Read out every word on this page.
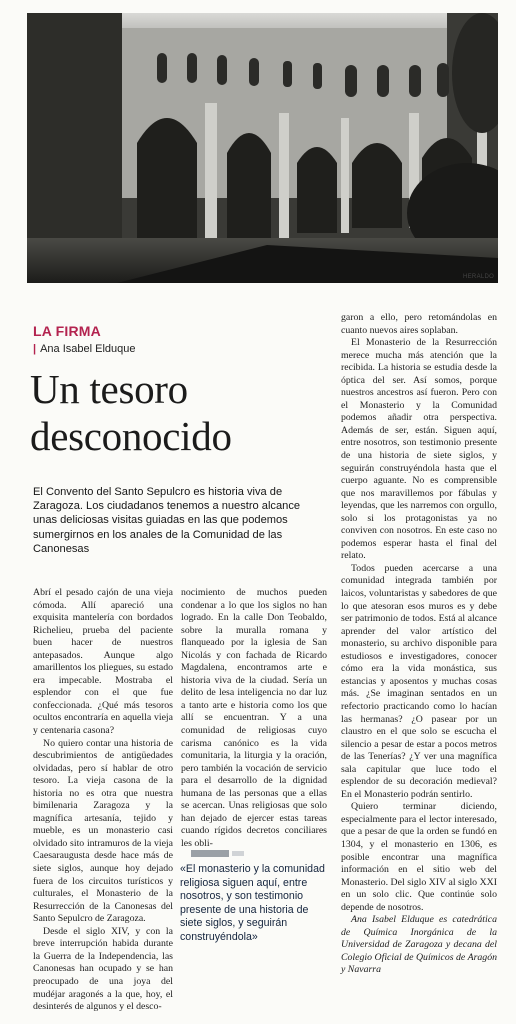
HERALDO
LA FIRMA
| Ana Isabel Elduque
Un tesoro desconocido
El Convento del Santo Sepulcro es historia viva de Zaragoza. Los ciudadanos tenemos a nuestro alcance unas deliciosas visitas guiadas en las que podemos sumergirnos en los anales de la Comunidad de las Canonesas

Abrí el pesado cajón de una vieja cómoda. Allí apareció una exquisita mantelería con bordados Richelieu, prueba del paciente buen hacer de nuestros antepasados. Aunque algo amarillentos los pliegues, su estado era impecable. Mostraba el esplendor con el que fue confeccionada. ¿Qué más tesoros ocultos encontraría en aquella vieja y centenaria casona?

No quiero contar una historia de descubrimientos de antigüedades olvidadas, pero sí hablar de otro tesoro. La vieja casona de la historia no es otra que nuestra bimilenaria Zaragoza y la magnífica artesanía, tejido y mueble, es un monasterio casi olvidado sito intramuros de la vieja Caesaraugusta desde hace más de siete siglos, aunque hoy dejado fuera de los circuitos turísticos y culturales, el Monasterio de la Resurrección de la Canonesas del Santo Sepulcro de Zaragoza.

Desde el siglo XIV, y con la breve interrupción habida durante la Guerra de la Independencia, las Canonesas han ocupado y se han preocupado de una joya del mudéjar aragonés a la que, hoy, el desinterés de algunos y el desco-

nocimiento de muchos pueden condenar a lo que los siglos no han logrado. En la calle Don Teobaldo, sobre la muralla romana y flanqueado por la iglesia de San Nicolás y con fachada de Ricardo Magdalena, encontramos arte e historia viva de la ciudad. Sería un delito de lesa inteligencia no dar luz a tanto arte e historia como los que allí se encuentran. Y a una comunidad de religiosas cuyo carisma canónico es la vida comunitaria, la liturgia y la oración, pero también la vocación de servicio para el desarrollo de la dignidad humana de las personas que a ellas se acercan. Unas religiosas que solo han dejado de ejercer estas tareas cuando rígidos decretos conciliares les obli-

«El monasterio y la comunidad religiosa siguen aquí, entre nosotros, y son testimonio presente de una historia de siete siglos, y seguirán construyéndola»

garon a ello, pero retomándolas en cuanto nuevos aires soplaban.

El Monasterio de la Resurrección merece mucha más atención que la recibida. La historia se estudia desde la óptica del ser. Así somos, porque nuestros ancestros así fueron. Pero con el Monasterio y la Comunidad podemos añadir otra perspectiva. Además de ser, están. Siguen aquí, entre nosotros, son testimonio presente de una historia de siete siglos, y seguirán construyéndola hasta que el cuerpo aguante. No es comprensible que nos maravillemos por fábulas y leyendas, que les narremos con orgullo, solo si los protagonistas ya no conviven con nosotros. En este caso no podemos esperar hasta el final del relato.

Todos pueden acercarse a una comunidad integrada también por laicos, voluntaristas y sabedores de que lo que atesoran esos muros es y debe ser patrimonio de todos. Está al alcance aprender del valor artístico del monasterio, su archivo disponible para estudiosos e investigadores, conocer cómo era la vida monástica, sus estancias y aposentos y muchas cosas más. ¿Se imaginan sentados en un refectorio practicando como lo hacían las hermanas? ¿O pasear por un claustro en el que solo se escucha el silencio a pesar de estar a pocos metros de las Tenerías? ¿Y ver una magnífica sala capitular que luce todo el esplendor de su decoración medieval? En el Monasterio podrán sentirlo.

Quiero terminar diciendo, especialmente para el lector interesado, que a pesar de que la orden se fundó en 1304, y el monasterio en 1306, es posible encontrar una magnífica información en el sitio web del Monasterio. Del siglo XIV al siglo XXI en un solo clic. Que continúe solo depende de nosotros.

Ana Isabel Elduque es catedrática de Química Inorgánica de la Universidad de Zaragoza y decana del Colegio Oficial de Químicos de Aragón y Navarra
